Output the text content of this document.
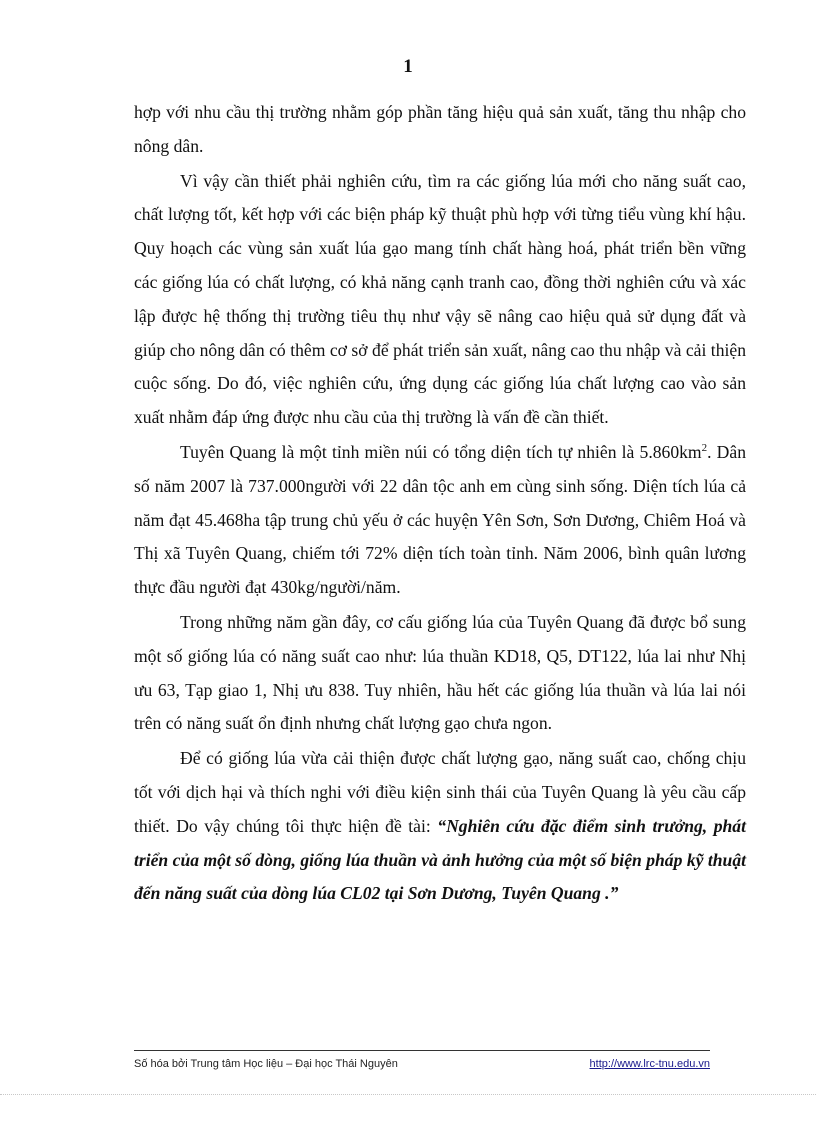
1

hợp với nhu cầu thị trường nhằm góp phần tăng hiệu quả sản xuất, tăng thu nhập cho nông dân.

Vì vậy cần thiết phải nghiên cứu, tìm ra các giống lúa mới cho năng suất cao, chất lượng tốt, kết hợp với các biện pháp kỹ thuật phù hợp với từng tiểu vùng khí hậu. Quy hoạch các vùng sản xuất lúa gạo mang tính chất hàng hoá, phát triển bền vững các giống lúa có chất lượng, có khả năng cạnh tranh cao, đồng thời nghiên cứu và xác lập được hệ thống thị trường tiêu thụ như vậy sẽ nâng cao hiệu quả sử dụng đất và giúp cho nông dân có thêm cơ sở để phát triển sản xuất, nâng cao thu nhập và cải thiện cuộc sống. Do đó, việc nghiên cứu, ứng dụng các giống lúa chất lượng cao vào sản xuất nhằm đáp ứng được nhu cầu của thị trường là vấn đề cần thiết.

Tuyên Quang là một tỉnh miền núi có tổng diện tích tự nhiên là $5.860km^2$. Dân số năm 2007 là 737.000người với 22 dân tộc anh em cùng sinh sống. Diện tích lúa cả năm đạt 45.468ha tập trung chủ yếu ở các huyện Yên Sơn, Sơn Dương, Chiêm Hoá và Thị xã Tuyên Quang, chiếm tới 72% diện tích toàn tỉnh. Năm 2006, bình quân lương thực đầu người đạt 430kg/người/năm.

Trong những năm gần đây, cơ cấu giống lúa của Tuyên Quang đã được bổ sung một số giống lúa có năng suất cao như: lúa thuần KD18, Q5, DT122, lúa lai như Nhị ưu 63, Tạp giao 1, Nhị ưu 838. Tuy nhiên, hầu hết các giống lúa thuần và lúa lai nói trên có năng suất ổn định nhưng chất lượng gạo chưa ngon.

Để có giống lúa vừa cải thiện được chất lượng gạo, năng suất cao, chống chịu tốt với dịch hại và thích nghi với điều kiện sinh thái của Tuyên Quang là yêu cầu cấp thiết. Do vậy chúng tôi thực hiện đề tài: “Nghiên cứu đặc điểm sinh trưởng, phát triển của một số dòng, giống lúa thuần và ảnh hưởng của một số biện pháp kỹ thuật đến năng suất của dòng lúa CL02 tại Sơn Dương, Tuyên Quang .”

Số hóa bởi Trung tâm Học liệu – Đại học Thái Nguyên	http://www.lrc-tnu.edu.vn
